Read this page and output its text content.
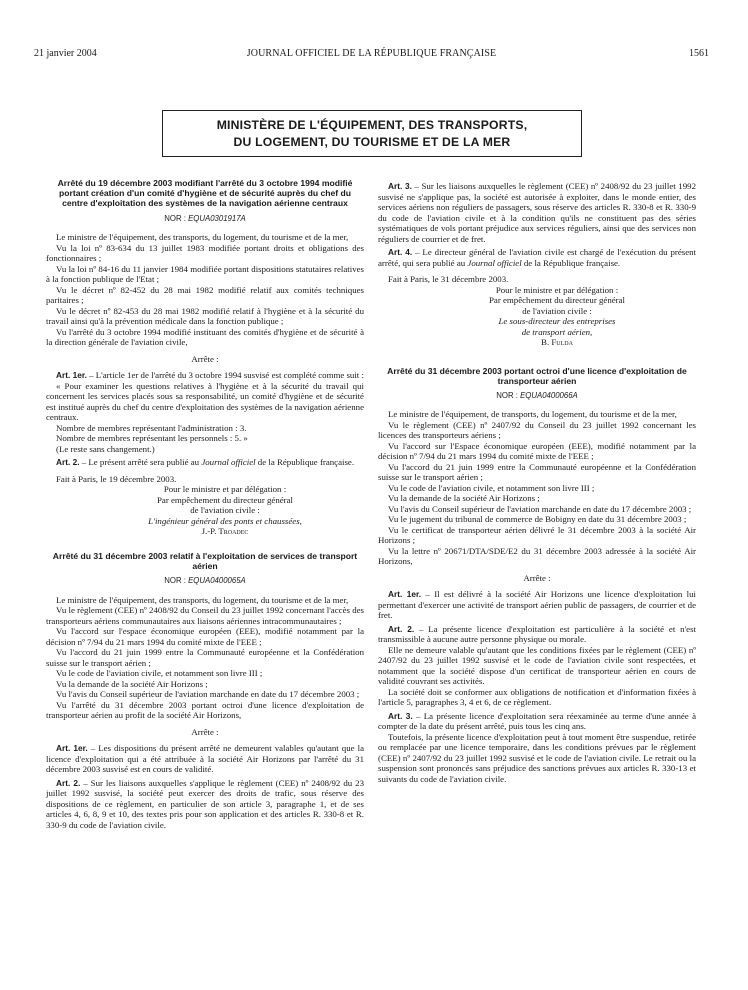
21 janvier 2004	JOURNAL OFFICIEL DE LA RÉPUBLIQUE FRANÇAISE	1561
MINISTÈRE DE L'ÉQUIPEMENT, DES TRANSPORTS,
DU LOGEMENT, DU TOURISME ET DE LA MER
Arrêté du 19 décembre 2003 modifiant l'arrêté du 3 octobre 1994 modifié portant création d'un comité d'hygiène et de sécurité auprès du chef du centre d'exploitation des systèmes de la navigation aérienne centraux
NOR : EQUA0301917A
Le ministre de l'équipement, des transports, du logement, du tourisme et de la mer,
Vu la loi nº 83-634 du 13 juillet 1983 modifiée portant droits et obligations des fonctionnaires ;
Vu la loi nº 84-16 du 11 janvier 1984 modifiée portant dispositions statutaires relatives à la fonction publique de l'Etat ;
Vu le décret nº 82-452 du 28 mai 1982 modifié relatif aux comités techniques paritaires ;
Vu le décret nº 82-453 du 28 mai 1982 modifié relatif à l'hygiène et à la sécurité du travail ainsi qu'à la prévention médicale dans la fonction publique ;
Vu l'arrêté du 3 octobre 1994 modifié instituant des comités d'hygiène et de sécurité à la direction générale de l'aviation civile,
Arrête :
Art. 1er. – L'article 1er de l'arrêté du 3 octobre 1994 susvisé est complété comme suit :
« Pour examiner les questions relatives à l'hygiène et à la sécurité du travail qui concernent les services placés sous sa responsabilité, un comité d'hygiène et de sécurité est institué auprès du chef du centre d'exploitation des systèmes de la navigation aérienne centraux.
Nombre de membres représentant l'administration : 3.
Nombre de membres représentant les personnels : 5. »
(Le reste sans changement.)
Art. 2. – Le présent arrêté sera publié au Journal officiel de la République française.
Fait à Paris, le 19 décembre 2003.
Pour le ministre et par délégation :
Par empêchement du directeur général
de l'aviation civile :
L'ingénieur général des ponts et chaussées,
J.-P. Troadec
Arrêté du 31 décembre 2003 relatif à l'exploitation de services de transport aérien
NOR : EQUA0400065A
Le ministre de l'équipement, des transports, du logement, du tourisme et de la mer,
Vu le règlement (CEE) nº 2408/92 du Conseil du 23 juillet 1992 concernant l'accès des transporteurs aériens communautaires aux liaisons aériennes intracommunautaires ;
Vu l'accord sur l'espace économique européen (EEE), modifié notamment par la décision nº 7/94 du 21 mars 1994 du comité mixte de l'EEE ;
Vu l'accord du 21 juin 1999 entre la Communauté européenne et la Confédération suisse sur le transport aérien ;
Vu le code de l'aviation civile, et notamment son livre III ;
Vu la demande de la société Air Horizons ;
Vu l'avis du Conseil supérieur de l'aviation marchande en date du 17 décembre 2003 ;
Vu l'arrêté du 31 décembre 2003 portant octroi d'une licence d'exploitation de transporteur aérien au profit de la société Air Horizons,
Arrête :
Art. 1er. – Les dispositions du présent arrêté ne demeurent valables qu'autant que la licence d'exploitation qui a été attribuée à la société Air Horizons par l'arrêté du 31 décembre 2003 susvisé est en cours de validité.
Art. 2. – Sur les liaisons auxquelles s'applique le règlement (CEE) nº 2408/92 du 23 juillet 1992 susvisé, la société peut exercer des droits de trafic, sous réserve des dispositions de ce règlement, en particulier de son article 3, paragraphe 1, et de ses articles 4, 6, 8, 9 et 10, des textes pris pour son application et des articles R. 330-8 et R. 330-9 du code de l'aviation civile.
Art. 3. – Sur les liaisons auxquelles le règlement (CEE) nº 2408/92 du 23 juillet 1992 susvisé ne s'applique pas, la société est autorisée à exploiter, dans le monde entier, des services aériens non réguliers de passagers, sous réserve des articles R. 330-8 et R. 330-9 du code de l'aviation civile et à la condition qu'ils ne constituent pas des séries systématiques de vols portant préjudice aux services réguliers, ainsi que des services non réguliers de courrier et de fret.
Art. 4. – Le directeur général de l'aviation civile est chargé de l'exécution du présent arrêté, qui sera publié au Journal officiel de la République française.
Fait à Paris, le 31 décembre 2003.
Pour le ministre et par délégation :
Par empêchement du directeur général
de l'aviation civile :
Le sous-directeur des entreprises
de transport aérien,
B. Fulda
Arrêté du 31 décembre 2003 portant octroi d'une licence d'exploitation de transporteur aérien
NOR : EQUA0400066A
Le ministre de l'équipement, de transports, du logement, du tourisme et de la mer,
Vu le règlement (CEE) nº 2407/92 du Conseil du 23 juillet 1992 concernant les licences des transporteurs aériens ;
Vu l'accord sur l'Espace économique européen (EEE), modifié notamment par la décision nº 7/94 du 21 mars 1994 du comité mixte de l'EEE ;
Vu l'accord du 21 juin 1999 entre la Communauté européenne et la Confédération suisse sur le transport aérien ;
Vu le code de l'aviation civile, et notamment son livre III ;
Vu la demande de la société Air Horizons ;
Vu l'avis du Conseil supérieur de l'aviation marchande en date du 17 décembre 2003 ;
Vu le jugement du tribunal de commerce de Bobigny en date du 31 décembre 2003 ;
Vu le certificat de transporteur aérien délivré le 31 décembre 2003 à la société Air Horizons ;
Vu la lettre nº 20671/DTA/SDE/E2 du 31 décembre 2003 adressée à la société Air Horizons,
Arrête :
Art. 1er. – Il est délivré à la société Air Horizons une licence d'exploitation lui permettant d'exercer une activité de transport aérien public de passagers, de courrier et de fret.
Art. 2. – La présente licence d'exploitation est particulière à la société et n'est transmissible à aucune autre personne physique ou morale.
Elle ne demeure valable qu'autant que les conditions fixées par le règlement (CEE) nº 2407/92 du 23 juillet 1992 susvisé et le code de l'aviation civile sont respectées, et notamment que la société dispose d'un certificat de transporteur aérien en cours de validité couvrant ses activités.
La société doit se conformer aux obligations de notification et d'information fixées à l'article 5, paragraphes 3, 4 et 6, de ce règlement.
Art. 3. – La présente licence d'exploitation sera réexaminée au terme d'une année à compter de la date du présent arrêté, puis tous les cinq ans.
Toutefois, la présente licence d'exploitation peut à tout moment être suspendue, retirée ou remplacée par une licence temporaire, dans les conditions prévues par le règlement (CEE) nº 2407/92 du 23 juillet 1992 susvisé et le code de l'aviation civile. Le retrait ou la suspension sont prononcés sans préjudice des sanctions prévues aux articles R. 330-13 et suivants du code de l'aviation civile.
